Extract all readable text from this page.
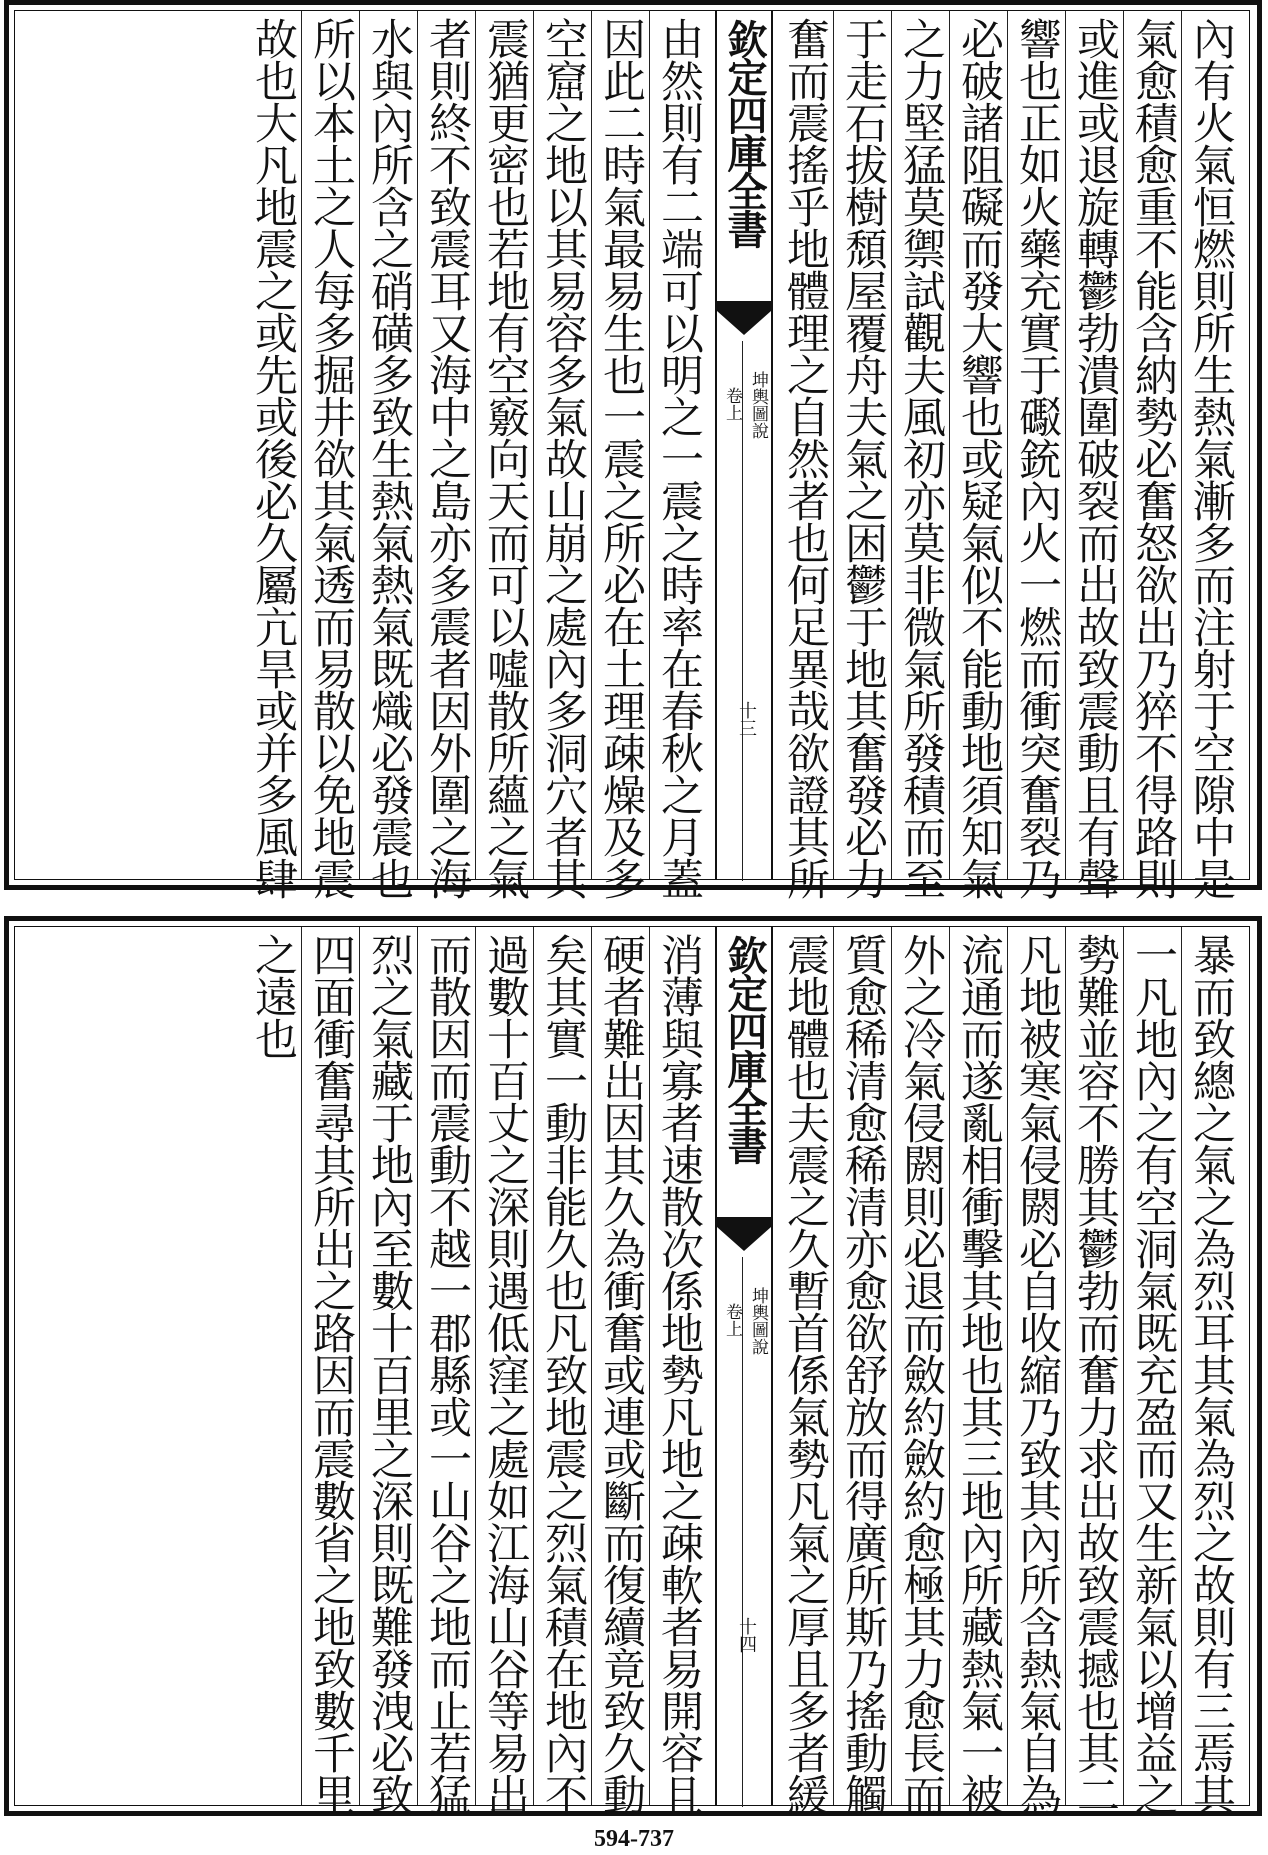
內有火氣恒燃則所生熱氣漸多而注射于空隙中是
氣愈積愈重不能含納勢必奮怒欲出乃猝不得路則
或進或退旋轉鬱勃潰圍破裂而出故致震動且有聲
響也正如火藥充實于礟銃內火一燃而衝突奮裂乃
必破諸阻礙而發大響也或疑氣似不能動地須知氣
之力堅猛莫禦試觀夫風初亦莫非微氣所發積而至
于走石拔樹頹屋覆舟夫氣之困鬱于地其奮發必力
奮而震搖乎地體理之自然者也何足異哉欲證其所
欽定四庫全書
坤輿圖說
卷上
十三
由然則有二端可以明之一震之時率在春秋之月蓋
因此二時氣最易生也一震之所必在土理疎燥及多
空窟之地以其易容多氣故山崩之處內多洞穴者其
震猶更密也若地有空竅向天而可以噓散所蘊之氣
者則終不致震耳又海中之島亦多震者因外圍之海
水與內所含之硝磺多致生熱氣熱氣既熾必發震也
所以本土之人每多掘井欲其氣透而易散以免地震
故也大凡地震之或先或後必久屬亢旱或并多風肆
暴而致總之氣之為烈耳其氣為烈之故則有三焉其
一凡地內之有空洞氣既充盈而又生新氣以增益之
勢難並容不勝其鬱勃而奮力求出故致震撼也其二
凡地被寒氣侵閼必自收縮乃致其內所含熱氣自為
流通而遂亂相衝擊其地也其三地內所藏熱氣一被
外之冷氣侵閼則必退而斂約斂約愈極其力愈長而
質愈稀清愈稀清亦愈欲舒放而得廣所斯乃搖動觸
震地體也夫震之久暫首係氣勢凡氣之厚且多者緩
欽定四庫全書
坤輿圖說
卷上
十四
消薄與寡者速散次係地勢凡地之疎軟者易開容且
硬者難出因其久為衝奮或連或斷而復續竟致久動
矣其實一動非能久也凡致地震之烈氣積在地內不
過數十百丈之深則遇低窪之處如江海山谷等易出
而散因而震動不越一郡縣或一山谷之地而止若猛
烈之氣藏于地內至數十百里之深則既難發洩必致
四面衝奮尋其所出之路因而震數省之地致數千里
之遠也
594-737
